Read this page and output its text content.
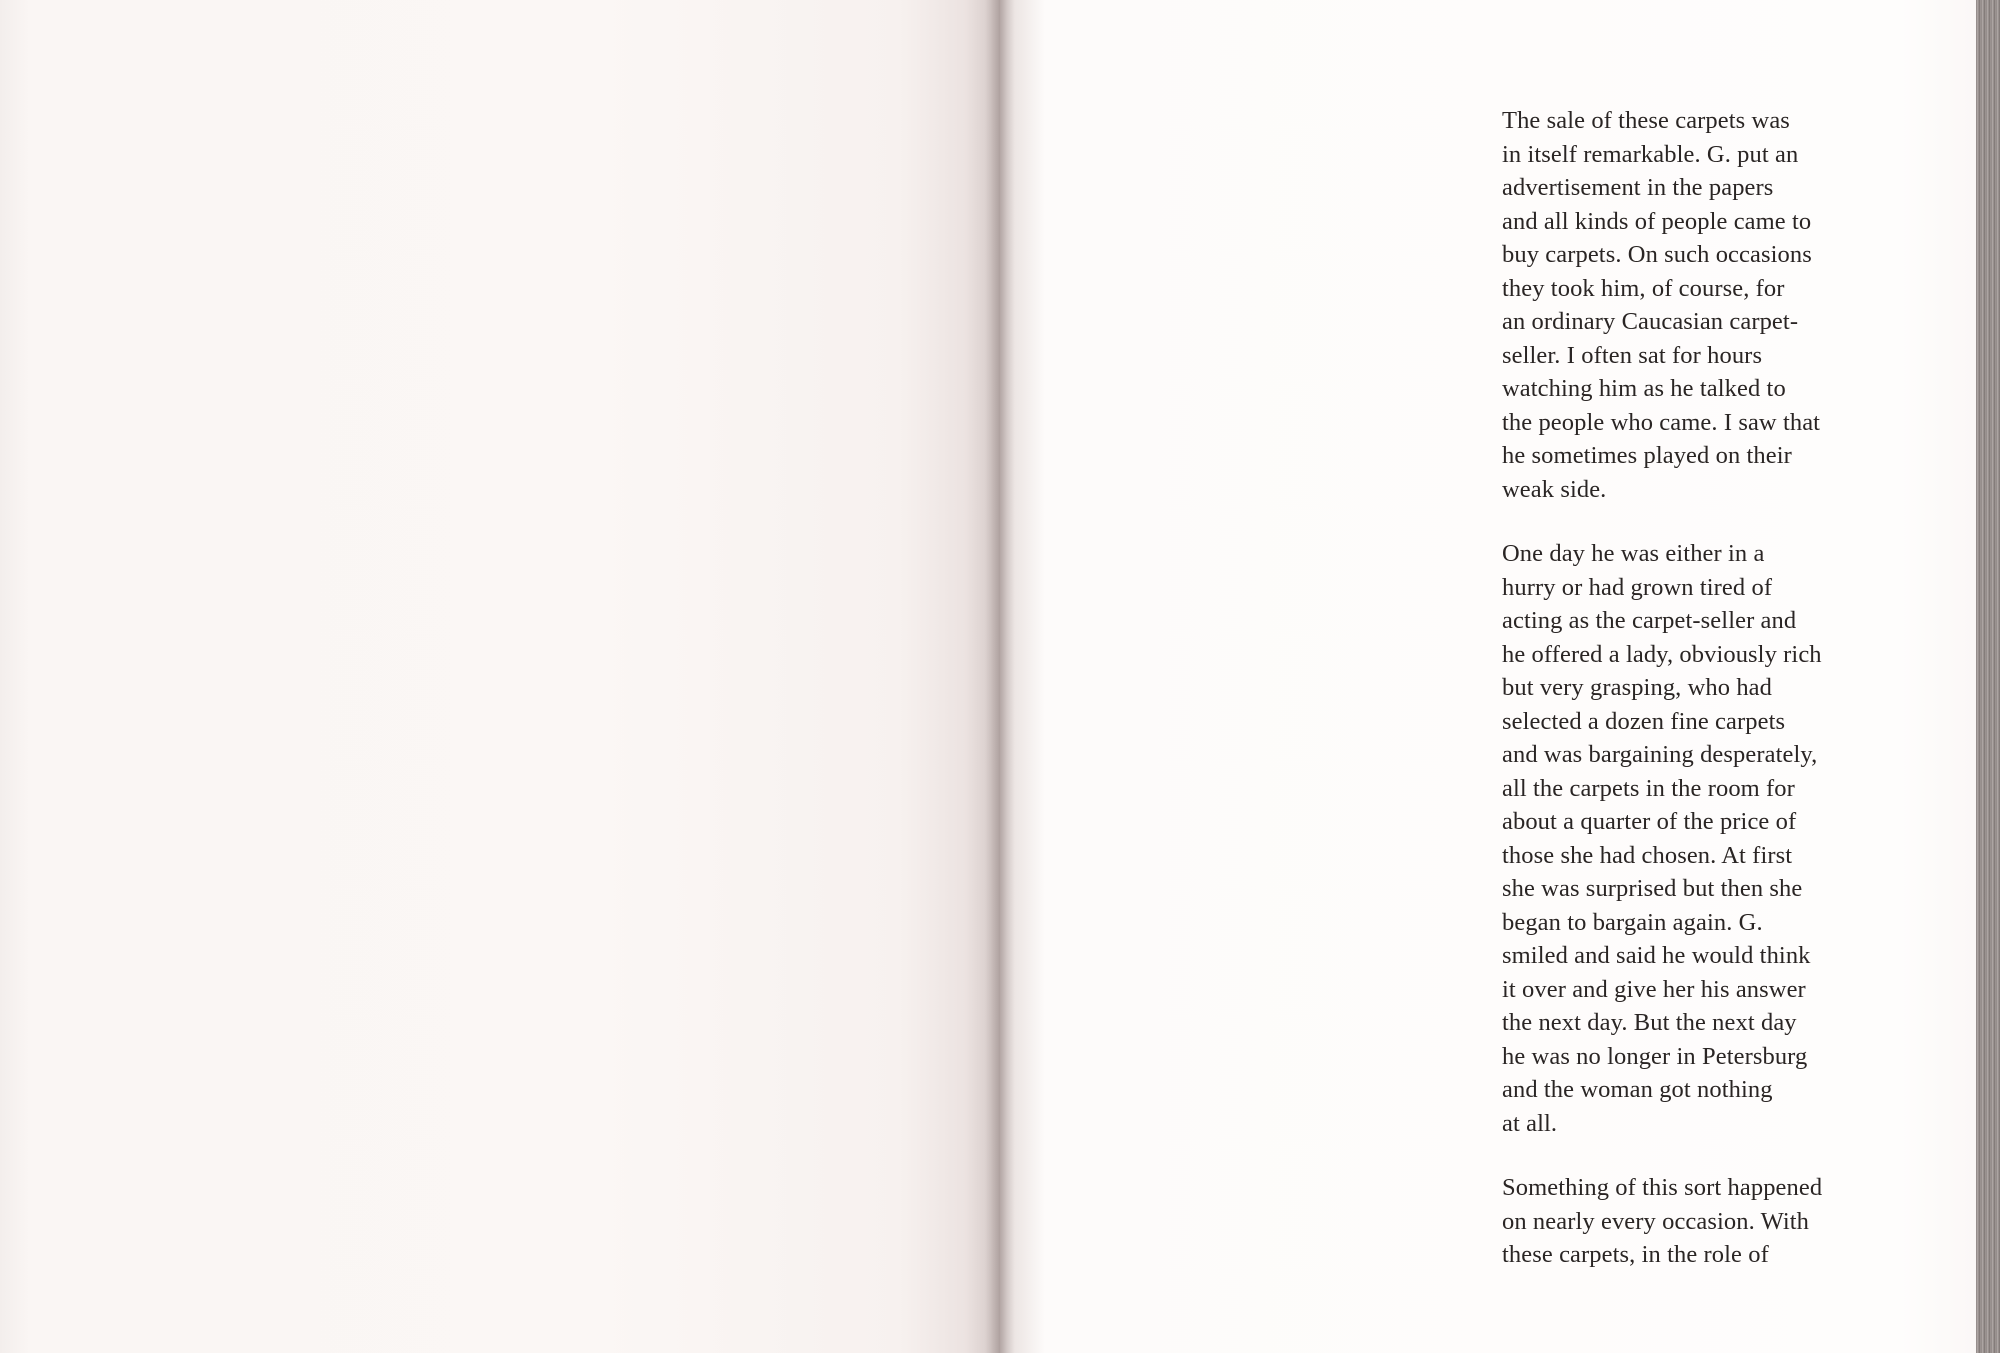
The sale of these carpets was
in itself remarkable. G. put an
advertisement in the papers
and all kinds of people came to
buy carpets. On such occasions
they took him, of course, for
an ordinary Caucasian carpet-
seller. I often sat for hours
watching him as he talked to
the people who came. I saw that
he sometimes played on their
weak side.

One day he was either in a
hurry or had grown tired of
acting as the carpet-seller and
he offered a lady, obviously rich
but very grasping, who had
selected a dozen fine carpets
and was bargaining desperately,
all the carpets in the room for
about a quarter of the price of
those she had chosen. At first
she was surprised but then she
began to bargain again. G.
smiled and said he would think
it over and give her his answer
the next day. But the next day
he was no longer in Petersburg
and the woman got nothing
at all.

Something of this sort happened
on nearly every occasion. With
these carpets, in the role of
